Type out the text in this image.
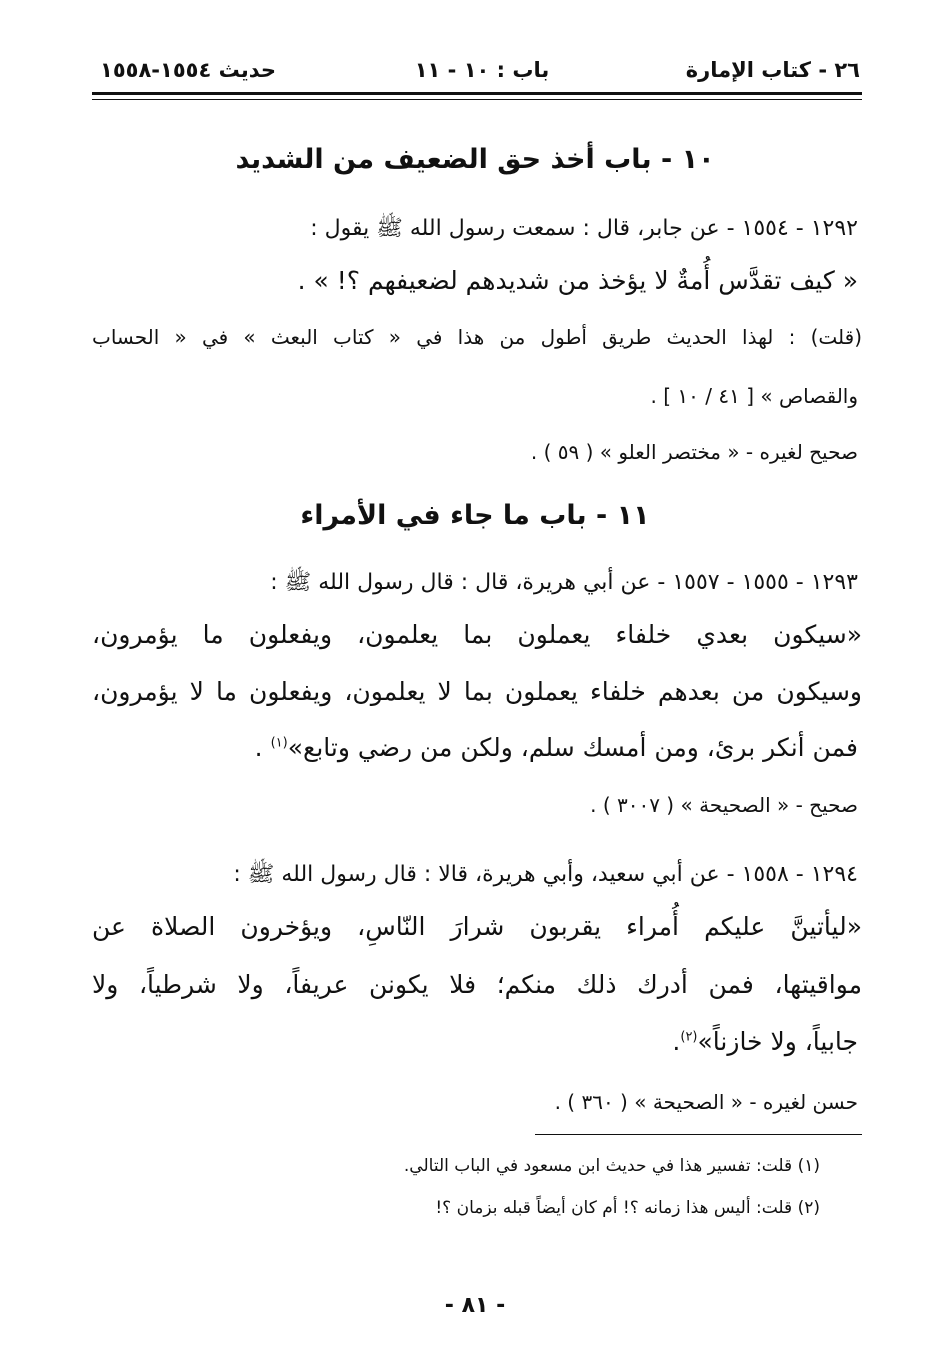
٢٦ - كتاب الإمارة
باب : ١٠ - ١١
حديث ١٥٥٤-١٥٥٨
١٠ - باب أخذ حق الضعيف من الشديد
١٢٩٢ - ١٥٥٤ - عن جابر، قال : سمعت رسول الله ﷺ يقول :
« كيف تقدَّس أُمةٌ لا يؤخذ من شديدهم لضعيفهم ؟! » .
(قلت) : لهذا الحديث طريق أطول من هذا في « كتاب البعث » في « الحساب
والقصاص » [ ٤١ / ١٠ ] .
صحيح لغيره - « مختصر العلو » ( ٥٩ ) .
١١ - باب ما جاء في الأمراء
١٢٩٣ - ١٥٥٥ - ١٥٥٧ - عن أبي هريرة، قال : قال رسول الله ﷺ :
«سيكون بعدي خلفاء يعملون بما يعلمون، ويفعلون ما يؤمرون،
وسيكون من بعدهم خلفاء يعملون بما لا يعلمون، ويفعلون ما لا يؤمرون،
فمن أنكر برئ، ومن أمسك سلم، ولكن من رضي وتابع»$^{(١)}$ .
صحيح - « الصحيحة » ( ٣٠٠٧ ) .
١٢٩٤ - ١٥٥٨ - عن أبي سعيد، وأبي هريرة، قالا : قال رسول الله ﷺ :
«ليأتينَّ عليكم أُمراء يقربون شرارَ النّاسِ، ويؤخرون الصلاة عن
مواقيتها، فمن أدرك ذلك منكم؛ فلا يكونن عريفاً، ولا شرطياً، ولا
جابياً، ولا خازناً»$^{(٢)}$.
حسن لغيره - « الصحيحة » ( ٣٦٠ ) .
(١) قلت: تفسير هذا في حديث ابن مسعود في الباب التالي.
(٢) قلت: أليس هذا زمانه ؟! أم كان أيضاً قبله بزمان ؟!
- ٨١ -
